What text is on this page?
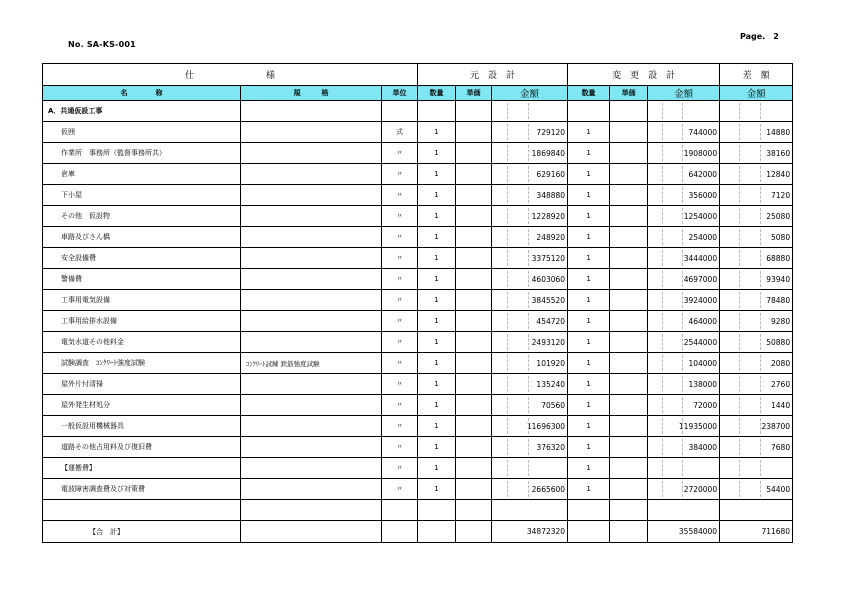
No. SA-KS-001
Page. 2
仕　　　　　　　　様			元　設　計			変　更　設　計			差　額
名　　　　称	規　　　格	単位	数量	単価	金額	数量	単価	金額	金額
A．共通仮設工事									
仮囲		式	1		729120	1		744000	14880
作業所　事務所（監督事務所共）		〃	1		1869840	1		1908000	38160
倉庫		〃	1		629160	1		642000	12840
下小屋		〃	1		348880	1		356000	7120
その他　仮設物		〃	1		1228920	1		1254000	25080
車路及びさん橋		〃	1		248920	1		254000	5080
安全設備費		〃	1		3375120	1		3444000	68880
警備費		〃	1		4603060	1		4697000	93940
工事用電気設備		〃	1		3845520	1		3924000	78480
工事用給排水設備		〃	1		454720	1		464000	9280
電気水道その他料金		〃	1		2493120	1		2544000	50880
試験調査　ｺﾝｸﾘｰﾄ強度試験	ｺﾝｸﾘｰﾄ試練 鉄筋強度試験	〃	1		101920	1		104000	2080
屋外片付清掃		〃	1		135240	1		138000	2760
屋外発生材処分		〃	1		70560	1		72000	1440
一般仮設用機械器具		〃	1		11696300	1		11935000	238700
道路その他占用料及び復旧費		〃	1		376320	1		384000	7680
【運搬費】		〃	1			1			
電波障害調査費及び対策費		〃	1		2665600	1		2720000	54400

【合　計】					34872320			35584000	711680
